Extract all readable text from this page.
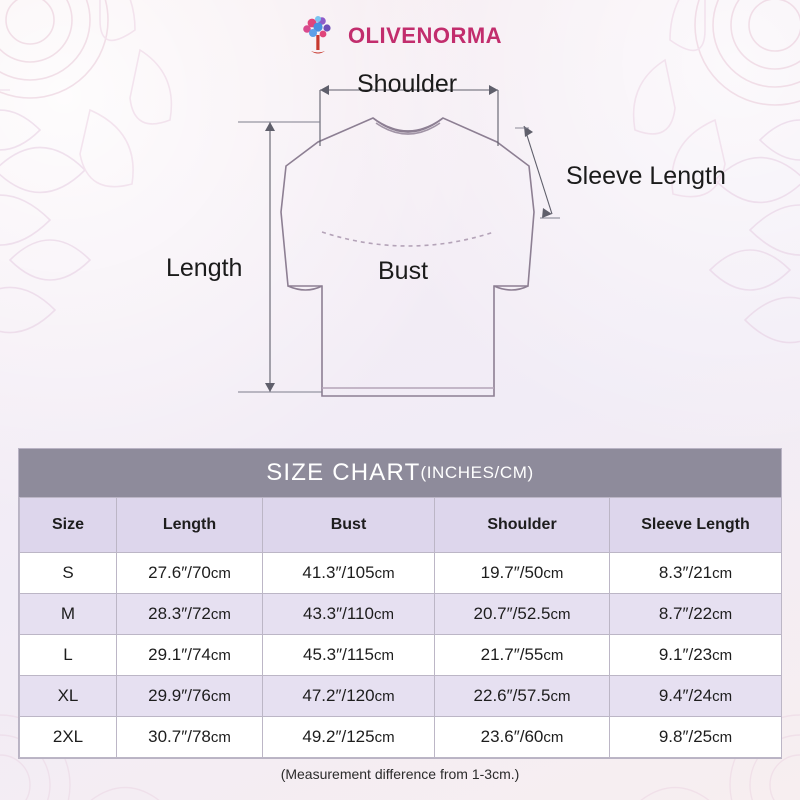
OLIVENORMA
Shoulder
Sleeve Length
Length	Bust
SIZE CHART (INCHES/CM)
Size	Length	Bust	Shoulder	Sleeve Length
S	27.6″/70cm	41.3″/105cm	19.7″/50cm	8.3″/21cm
M	28.3″/72cm	43.3″/110cm	20.7″/52.5cm	8.7″/22cm
L	29.1″/74cm	45.3″/115cm	21.7″/55cm	9.1″/23cm
XL	29.9″/76cm	47.2″/120cm	22.6″/57.5cm	9.4″/24cm
2XL	30.7″/78cm	49.2″/125cm	23.6″/60cm	9.8″/25cm
(Measurement difference from 1-3cm.)
